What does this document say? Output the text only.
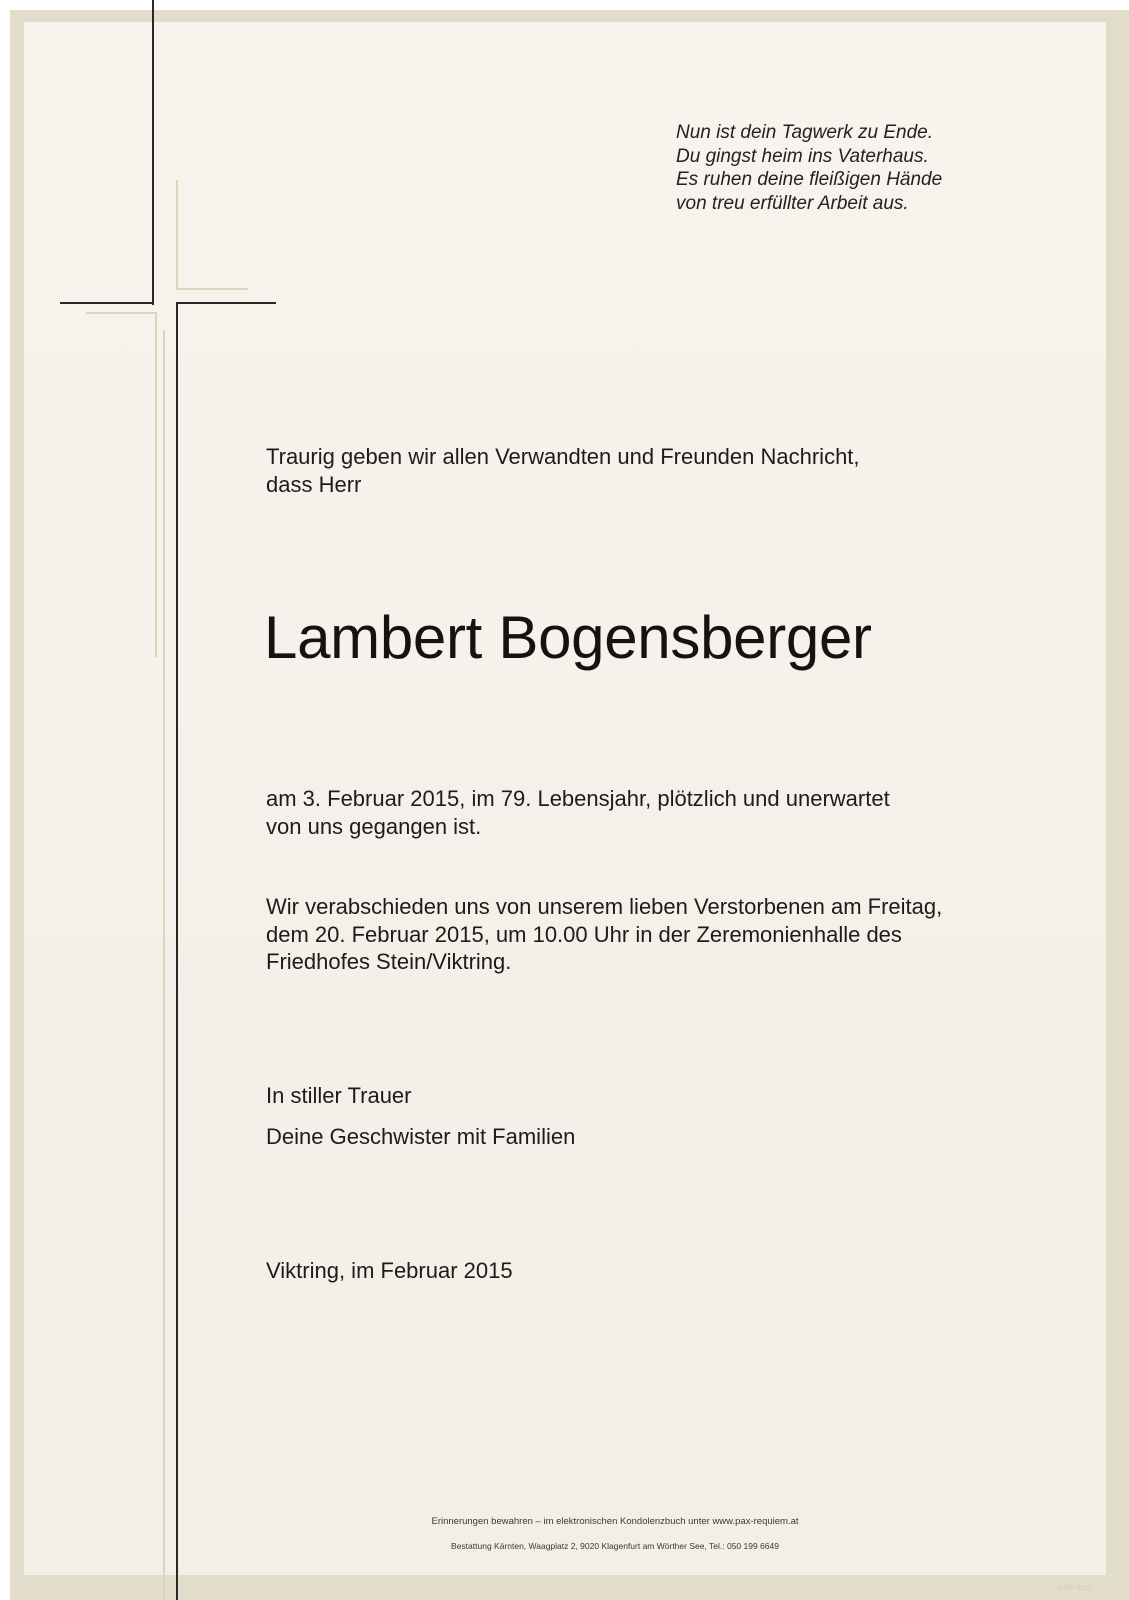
Nun ist dein Tagwerk zu Ende.
Du gingst heim ins Vaterhaus.
Es ruhen deine fleißigen Hände
von treu erfüllter Arbeit aus.
Traurig geben wir allen Verwandten und Freunden Nachricht,
dass Herr
Lambert Bogensberger
am 3. Februar 2015, im 79. Lebensjahr, plötzlich und unerwartet
von uns gegangen ist.
Wir verabschieden uns von unserem lieben Verstorbenen am Freitag,
dem 20. Februar 2015, um 10.00 Uhr in der Zeremonienhalle des
Friedhofes Stein/Viktring.
In stiller Trauer
Deine Geschwister mit Familien
Viktring, im Februar 2015
Erinnerungen bewahren – im elektronischen Kondolenzbuch unter www.pax-requiem.at
Bestattung Kärnten, Waagplatz 2, 9020 Klagenfurt am Wörther See, Tel.: 050 199 6649
© EP 9120
